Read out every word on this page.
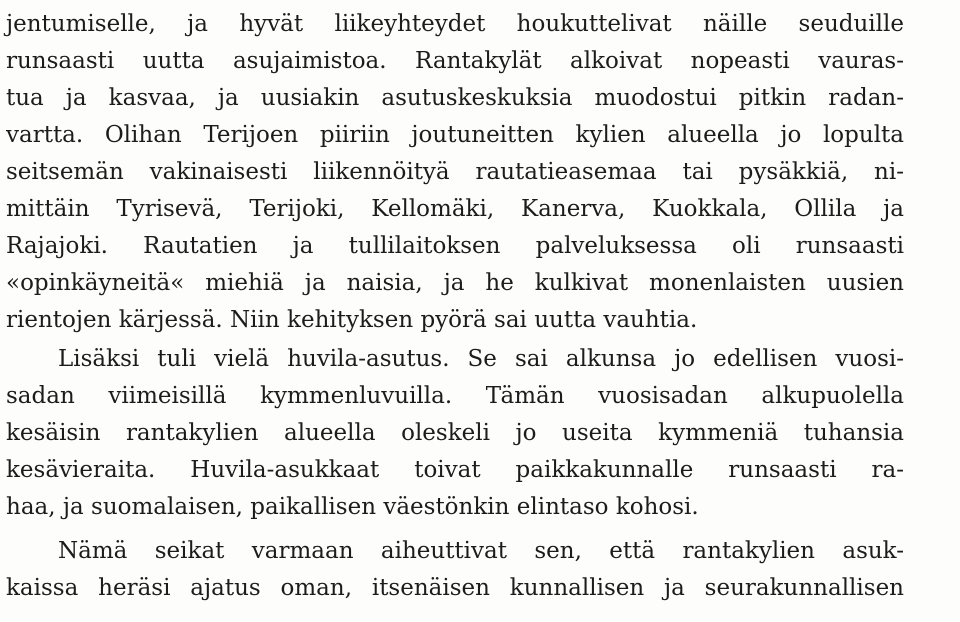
jentumiselle, ja hyvät liikeyhteydet houkuttelivat näille seuduille
runsaasti uutta asujaimistoa. Rantakylät alkoivat nopeasti vauras-
tua ja kasvaa, ja uusiakin asutuskeskuksia muodostui pitkin radan-
vartta. Olihan Terijoen piiriin joutuneitten kylien alueella jo lopulta
seitsemän vakinaisesti liikennöityä rautatieasemaa tai pysäkkiä, ni-
mittäin Tyrisevä, Terijoki, Kellomäki, Kanerva, Kuokkala, Ollila ja
Rajajoki. Rautatien ja tullilaitoksen palveluksessa oli runsaasti
«opinkäyneitä« miehiä ja naisia, ja he kulkivat monenlaisten uusien
rientojen kärjessä. Niin kehityksen pyörä sai uutta vauhtia.
Lisäksi tuli vielä huvila-asutus. Se sai alkunsa jo edellisen vuosi-
sadan viimeisillä kymmenluvuilla. Tämän vuosisadan alkupuolella
kesäisin rantakylien alueella oleskeli jo useita kymmeniä tuhansia
kesävieraita. Huvila-asukkaat toivat paikkakunnalle runsaasti ra-
haa, ja suomalaisen, paikallisen väestönkin elintaso kohosi.
Nämä seikat varmaan aiheuttivat sen, että rantakylien asuk-
kaissa heräsi ajatus oman, itsenäisen kunnallisen ja seurakunnallisen
